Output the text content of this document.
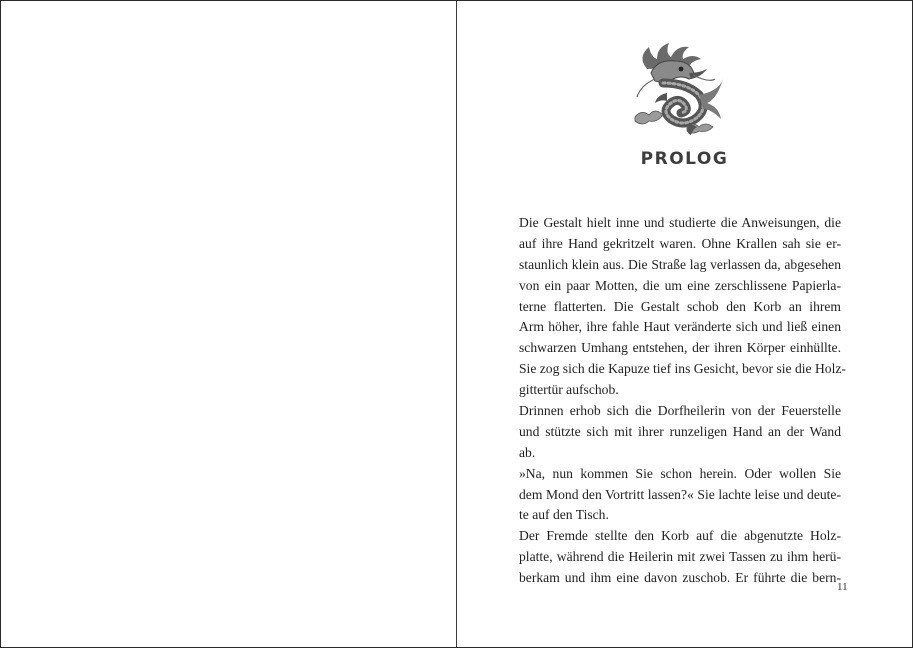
PROLOG
Die Gestalt hielt inne und studierte die Anweisungen, die
auf ihre Hand gekritzelt waren. Ohne Krallen sah sie er-
staunlich klein aus. Die Straße lag verlassen da, abgesehen
von ein paar Motten, die um eine zerschlissene Papierla-
terne flatterten. Die Gestalt schob den Korb an ihrem
Arm höher, ihre fahle Haut veränderte sich und ließ einen
schwarzen Umhang entstehen, der ihren Körper einhüllte.
Sie zog sich die Kapuze tief ins Gesicht, bevor sie die Holz-
gittertür aufschob.
Drinnen erhob sich die Dorfheilerin von der Feuerstelle
und stützte sich mit ihrer runzeligen Hand an der Wand
ab.
»Na, nun kommen Sie schon herein. Oder wollen Sie
dem Mond den Vortritt lassen?« Sie lachte leise und deute-
te auf den Tisch.
Der Fremde stellte den Korb auf die abgenutzte Holz-
platte, während die Heilerin mit zwei Tassen zu ihm herü-
berkam und ihm eine davon zuschob. Er führte die bern-
11
